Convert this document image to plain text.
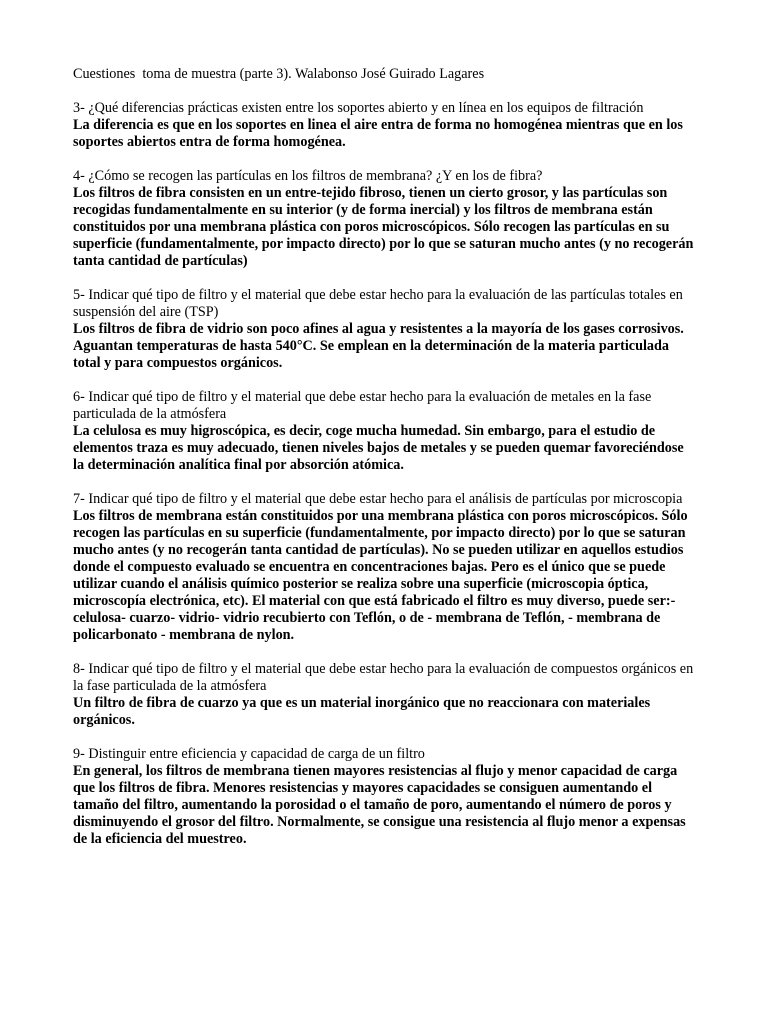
Cuestiones  toma de muestra (parte 3). Walabonso José Guirado Lagares
3- ¿Qué diferencias prácticas existen entre los soportes abierto y en línea en los equipos de filtración
La diferencia es que en los soportes en linea el aire entra de forma no homogénea mientras que en los soportes abiertos entra de forma homogénea.
4- ¿Cómo se recogen las partículas en los filtros de membrana? ¿Y en los de fibra?
Los filtros de fibra consisten en un entre-tejido fibroso, tienen un cierto grosor, y las partículas son recogidas fundamentalmente en su interior (y de forma inercial) y los filtros de membrana están constituidos por una membrana plástica con poros microscópicos. Sólo recogen las partículas en su superficie (fundamentalmente, por impacto directo) por lo que se saturan mucho antes (y no recogerán tanta cantidad de partículas)
5- Indicar qué tipo de filtro y el material que debe estar hecho para la evaluación de las partículas totales en suspensión del aire (TSP)
Los filtros de fibra de vidrio son poco afines al agua y resistentes a la mayoría de los gases corrosivos. Aguantan temperaturas de hasta 540°C. Se emplean en la determinación de la materia particulada total y para compuestos orgánicos.
6- Indicar qué tipo de filtro y el material que debe estar hecho para la evaluación de metales en la fase particulada de la atmósfera
La celulosa es muy higroscópica, es decir, coge mucha humedad. Sin embargo, para el estudio de elementos traza es muy adecuado, tienen niveles bajos de metales y se pueden quemar favoreciéndose la determinación analítica final por absorción atómica.
7- Indicar qué tipo de filtro y el material que debe estar hecho para el análisis de partículas por microscopia
Los filtros de membrana están constituidos por una membrana plástica con poros microscópicos. Sólo recogen las partículas en su superficie (fundamentalmente, por impacto directo) por lo que se saturan mucho antes (y no recogerán tanta cantidad de partículas). No se pueden utilizar en aquellos estudios donde el compuesto evaluado se encuentra en concentraciones bajas. Pero es el único que se puede utilizar cuando el análisis químico posterior se realiza sobre una superficie (microscopia óptica, microscopía electrónica, etc). El material con que está fabricado el filtro es muy diverso, puede ser:- celulosa- cuarzo- vidrio- vidrio recubierto con Teflón, o de - membrana de Teflón, - membrana de policarbonato - membrana de nylon.
8- Indicar qué tipo de filtro y el material que debe estar hecho para la evaluación de compuestos orgánicos en la fase particulada de la atmósfera
Un filtro de fibra de cuarzo ya que es un material inorgánico que no reaccionara con materiales orgánicos.
9- Distinguir entre eficiencia y capacidad de carga de un filtro
En general, los filtros de membrana tienen mayores resistencias al flujo y menor capacidad de carga que los filtros de fibra. Menores resistencias y mayores capacidades se consiguen aumentando el tamaño del filtro, aumentando la porosidad o el tamaño de poro, aumentando el número de poros y disminuyendo el grosor del filtro. Normalmente, se consigue una resistencia al flujo menor a expensas de la eficiencia del muestreo.
